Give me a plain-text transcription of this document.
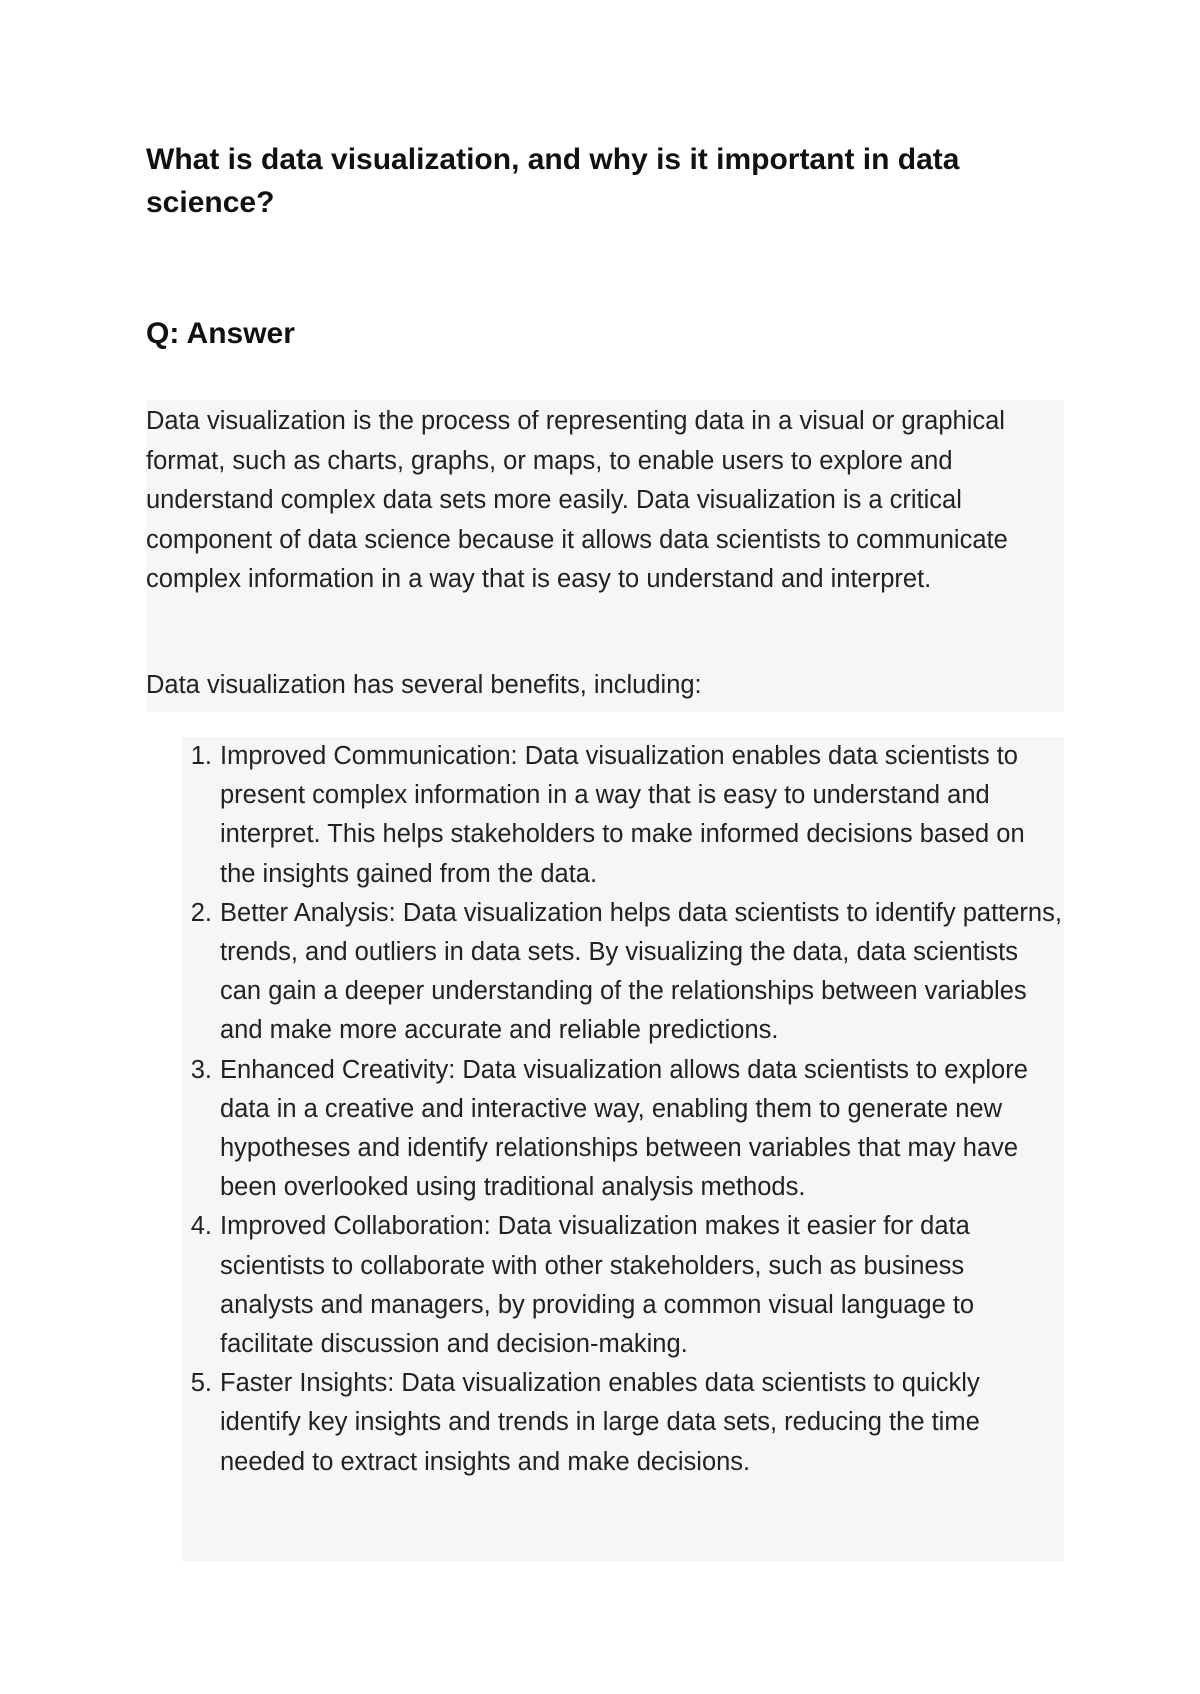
What is data visualization, and why is it important in data science?
Q: Answer

Data visualization is the process of representing data in a visual or graphical format, such as charts, graphs, or maps, to enable users to explore and understand complex data sets more easily. Data visualization is a critical component of data science because it allows data scientists to communicate complex information in a way that is easy to understand and interpret.

Data visualization has several benefits, including:

1. Improved Communication: Data visualization enables data scientists to present complex information in a way that is easy to understand and interpret. This helps stakeholders to make informed decisions based on the insights gained from the data.
2. Better Analysis: Data visualization helps data scientists to identify patterns, trends, and outliers in data sets. By visualizing the data, data scientists can gain a deeper understanding of the relationships between variables and make more accurate and reliable predictions.
3. Enhanced Creativity: Data visualization allows data scientists to explore data in a creative and interactive way, enabling them to generate new hypotheses and identify relationships between variables that may have been overlooked using traditional analysis methods.
4. Improved Collaboration: Data visualization makes it easier for data scientists to collaborate with other stakeholders, such as business analysts and managers, by providing a common visual language to facilitate discussion and decision-making.
5. Faster Insights: Data visualization enables data scientists to quickly identify key insights and trends in large data sets, reducing the time needed to extract insights and make decisions.
